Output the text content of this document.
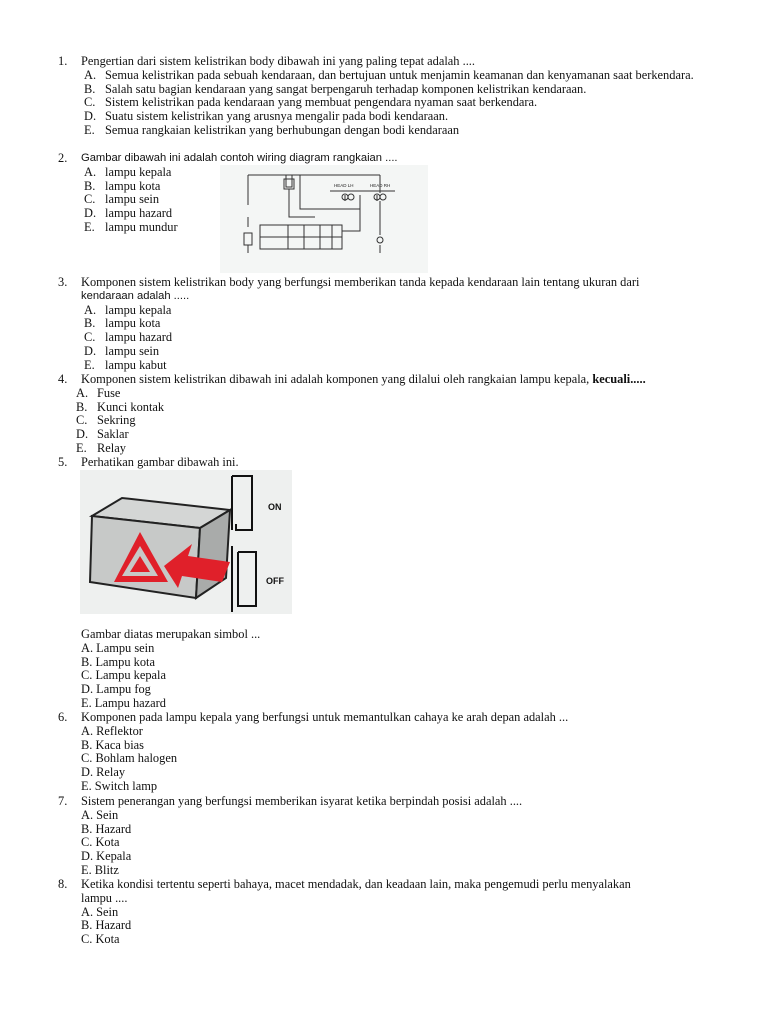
1. Pengertian dari sistem kelistrikan body dibawah ini yang paling tepat adalah ....
A. Semua kelistrikan pada sebuah kendaraan, dan bertujuan untuk menjamin keamanan dan kenyamanan saat berkendara.
B. Salah satu bagian kendaraan yang sangat berpengaruh terhadap komponen kelistrikan kendaraan.
C. Sistem kelistrikan pada kendaraan yang membuat pengendara nyaman saat berkendara.
D. Suatu sistem kelistrikan yang arusnya mengalir pada bodi kendaraan.
E. Semua rangkaian kelistrikan yang berhubungan dengan bodi kendaraan
2. Gambar dibawah ini adalah contoh wiring diagram rangkaian ....
A. lampu kepala
B. lampu kota
C. lampu sein
D. lampu hazard
E. lampu mundur
HEAD LH	HEAD RH
3. Komponen sistem kelistrikan body yang berfungsi memberikan tanda kepada kendaraan lain tentang ukuran dari
kendaraan adalah .....
A. lampu kepala
B. lampu kota
C. lampu hazard
D. lampu sein
E. lampu kabut
4. Komponen sistem kelistrikan dibawah ini adalah komponen yang dilalui oleh rangkaian lampu kepala, kecuali.....
A. Fuse
B. Kunci kontak
C. Sekring
D. Saklar
E. Relay
5. Perhatikan gambar dibawah ini.
ON
OFF
Gambar diatas merupakan simbol ...
A. Lampu sein
B. Lampu kota
C. Lampu kepala
D. Lampu fog
E. Lampu hazard
6. Komponen pada lampu kepala yang berfungsi untuk memantulkan cahaya ke arah depan adalah ...
A. Reflektor
B. Kaca bias
C. Bohlam halogen
D. Relay
E. Switch lamp
7. Sistem penerangan yang berfungsi memberikan isyarat ketika berpindah posisi adalah ....
A. Sein
B. Hazard
C. Kota
D. Kepala
E. Blitz
8. Ketika kondisi tertentu seperti bahaya, macet mendadak, dan keadaan lain, maka pengemudi perlu menyalakan
lampu ....
A. Sein
B. Hazard
C. Kota
